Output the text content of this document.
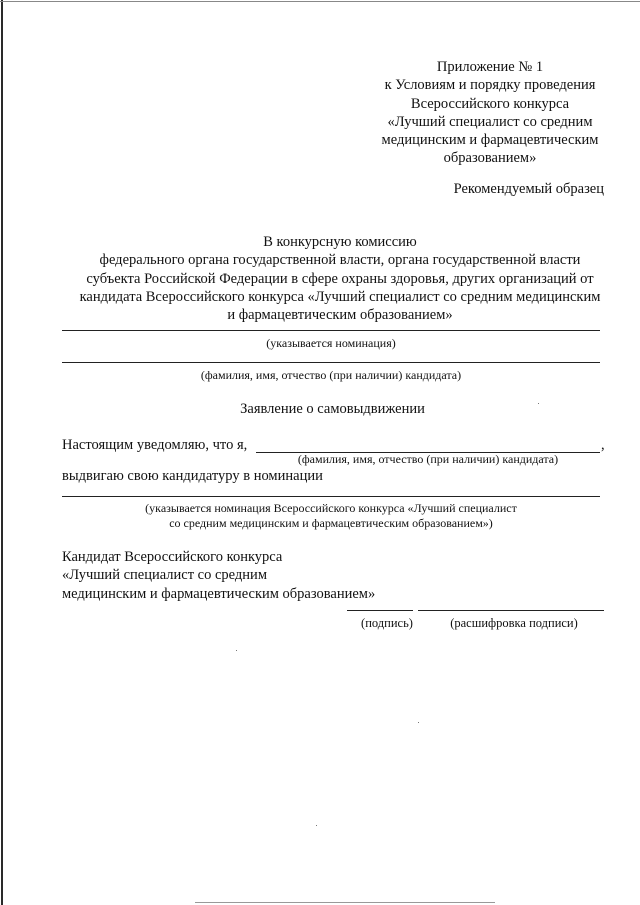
Приложение № 1
к Условиям и порядку проведения
Всероссийского конкурса
«Лучший специалист со средним
медицинским и фармацевтическим
образованием»
Рекомендуемый образец
В конкурсную комиссию
федерального органа государственной власти, органа государственной власти
субъекта Российской Федерации в сфере охраны здоровья, других организаций от
кандидата Всероссийского конкурса «Лучший специалист со средним медицинским
и фармацевтическим образованием»
(указывается номинация)
(фамилия, имя, отчество (при наличии) кандидата)
Заявление о самовыдвижении
Настоящим уведомляю, что я,	,
(фамилия, имя, отчество (при наличии) кандидата)
выдвигаю свою кандидатуру в номинации
(указывается номинация Всероссийского конкурса «Лучший специалист
со средним медицинским и фармацевтическим образованием»)
Кандидат Всероссийского конкурса
«Лучший специалист со средним
медицинским и фармацевтическим образованием»
(подпись)	(расшифровка подписи)
